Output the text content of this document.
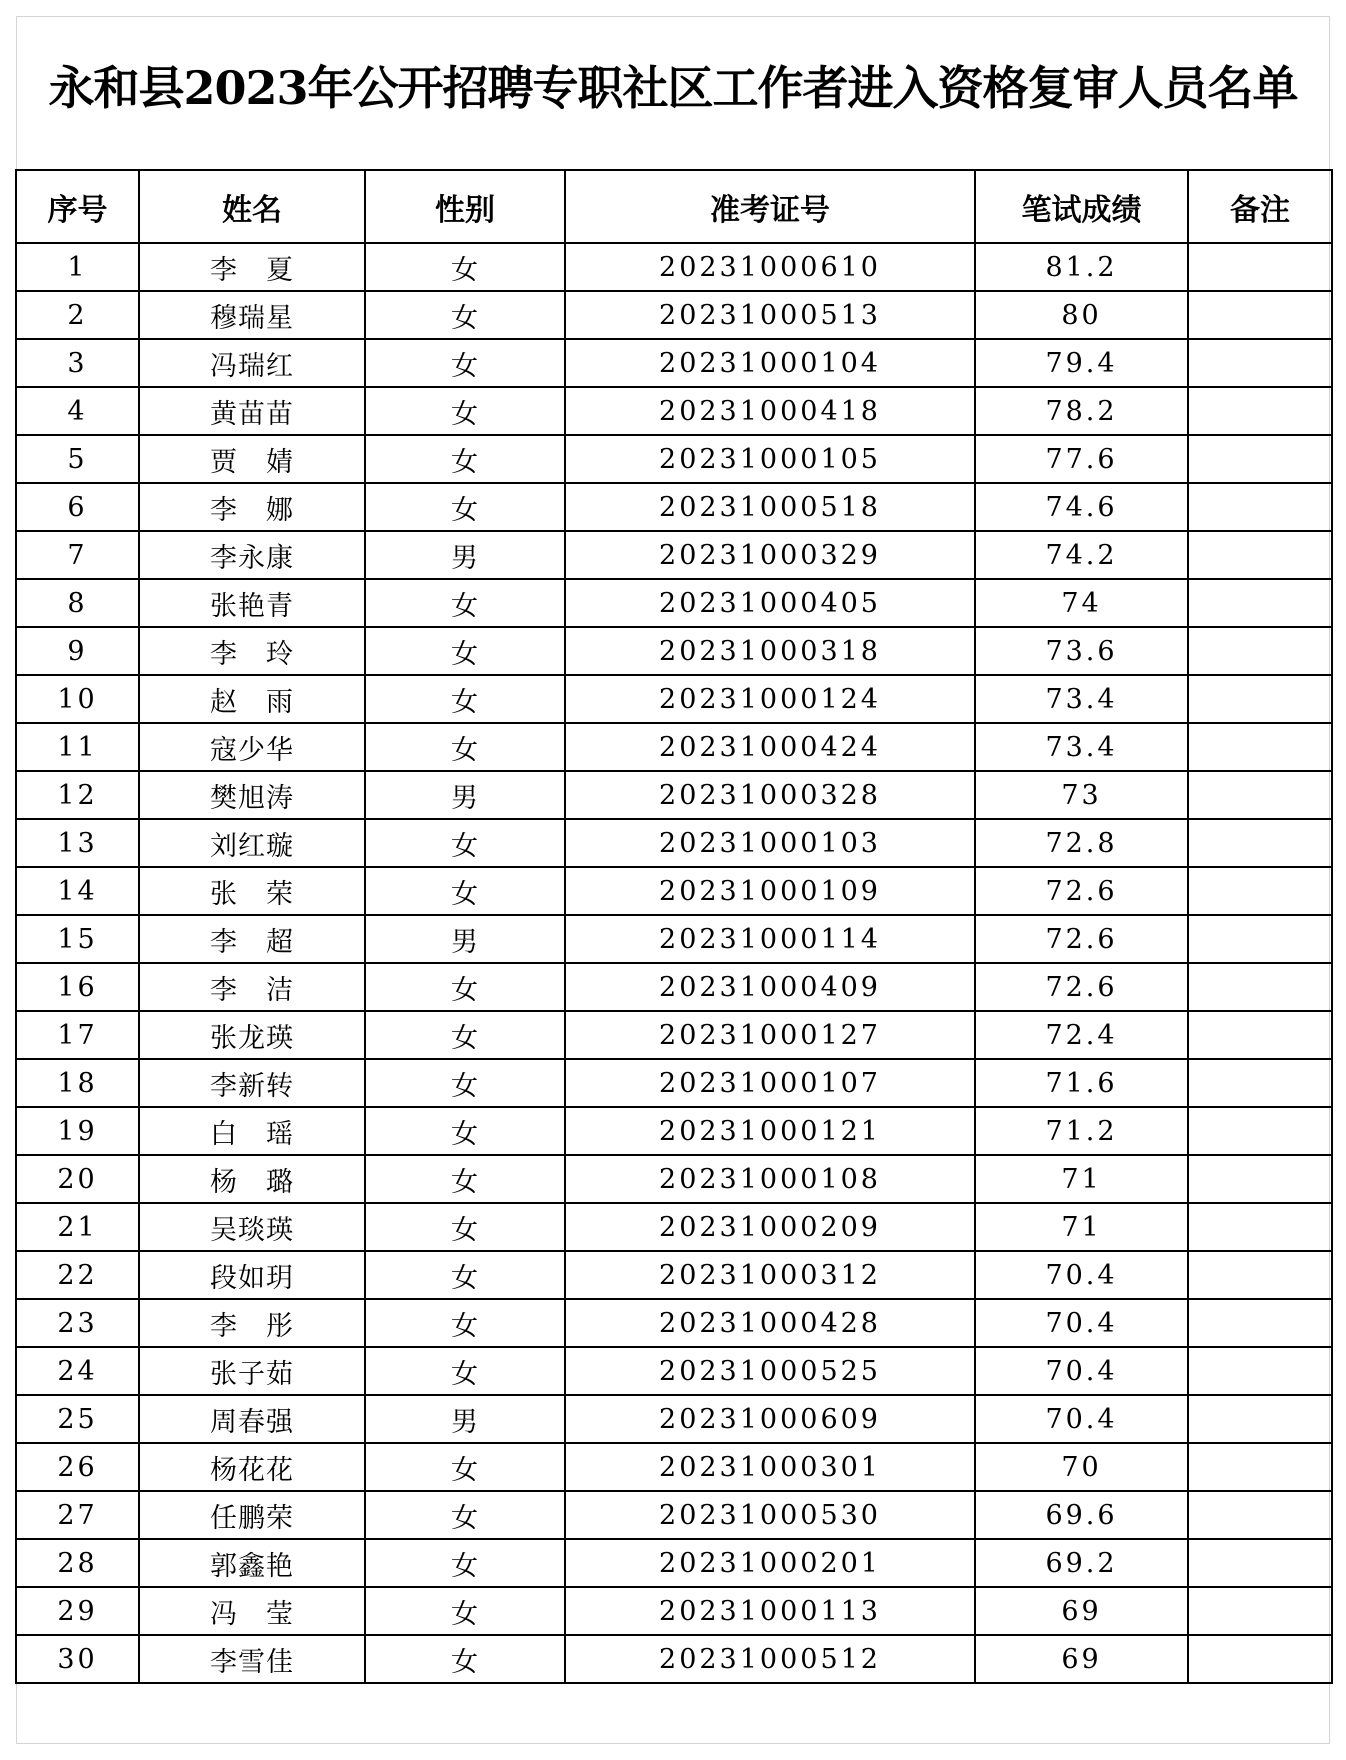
永和县2023年公开招聘专职社区工作者进入资格复审人员名单
序号	姓名	性别	准考证号	笔试成绩	备注
1	李　夏	女	20231000610	81.2	
2	穆瑞星	女	20231000513	80	
3	冯瑞红	女	20231000104	79.4	
4	黄苗苗	女	20231000418	78.2	
5	贾　婧	女	20231000105	77.6	
6	李　娜	女	20231000518	74.6	
7	李永康	男	20231000329	74.2	
8	张艳青	女	20231000405	74	
9	李　玲	女	20231000318	73.6	
10	赵　雨	女	20231000124	73.4	
11	寇少华	女	20231000424	73.4	
12	樊旭涛	男	20231000328	73	
13	刘红璇	女	20231000103	72.8	
14	张　荣	女	20231000109	72.6	
15	李　超	男	20231000114	72.6	
16	李　洁	女	20231000409	72.6	
17	张龙瑛	女	20231000127	72.4	
18	李新转	女	20231000107	71.6	
19	白　瑶	女	20231000121	71.2	
20	杨　璐	女	20231000108	71	
21	吴琰瑛	女	20231000209	71	
22	段如玥	女	20231000312	70.4	
23	李　彤	女	20231000428	70.4	
24	张子茹	女	20231000525	70.4	
25	周春强	男	20231000609	70.4	
26	杨花花	女	20231000301	70	
27	任鹏荣	女	20231000530	69.6	
28	郭鑫艳	女	20231000201	69.2	
29	冯　莹	女	20231000113	69	
30	李雪佳	女	20231000512	69	
